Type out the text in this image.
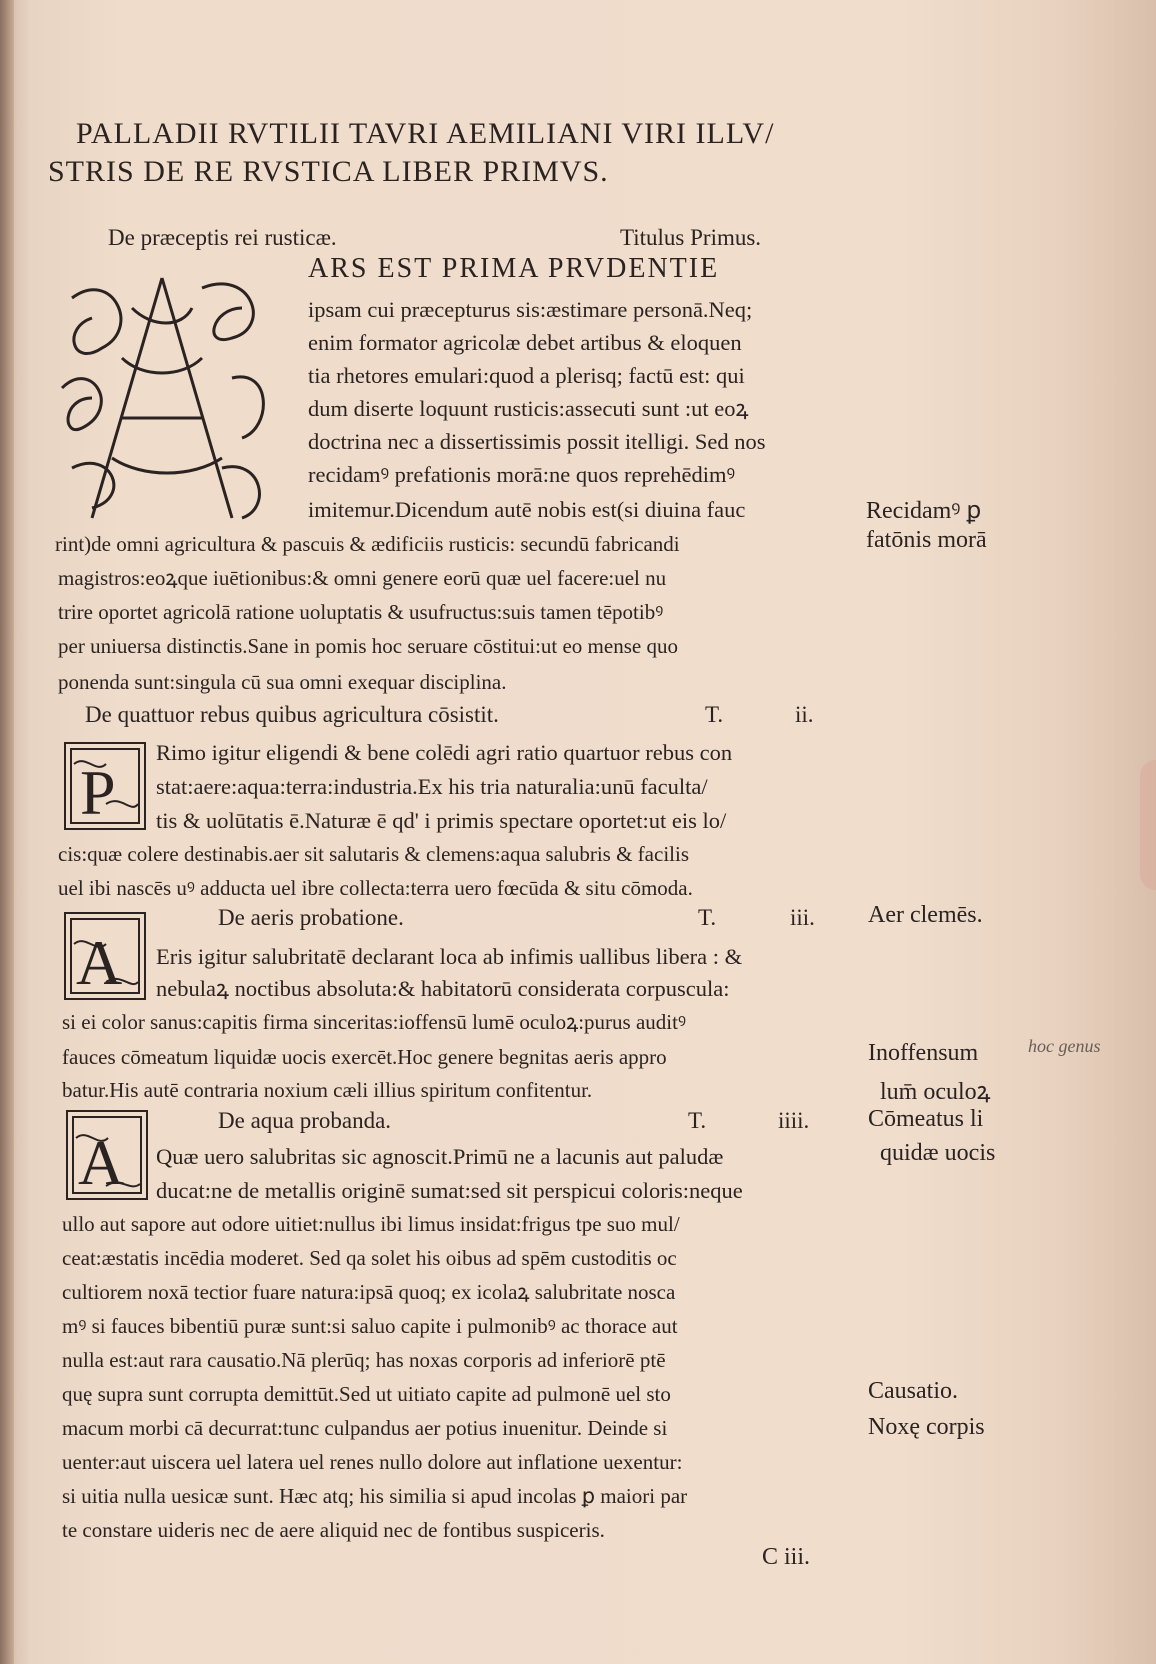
PALLADII RVTILII TAVRI AEMILIANI VIRI ILLV/
STRIS DE RE RVSTICA LIBER PRIMVS.
De præceptis rei rusticæ.	Titulus Primus.
ARS EST PRIMA PRVDENTIE
ipsam cui præcepturus sis:æstimare personā.Neq;
enim formator agricolæ debet artibus & eloquen
tia rhetores emulari:quod a plerisq; factū est: qui
dum diserte loquunt rusticis:assecuti sunt :ut eoꝝ
doctrina nec a dissertissimis possit itelligi. Sed nos
recidamꝰ prefationis morā:ne quos reprehēdimꝰ
imitemur.Dicendum autē nobis est(si diuina fauc
rint)de omni agricultura & pascuis & ædificiis rusticis: secundū fabricandi
magistros:eoꝝque iuētionibus:& omni genere eorū quæ uel facere:uel nu
trire oportet agricolā ratione uoluptatis & usufructus:suis tamen tēpotibꝰ
per uniuersa distinctis.Sane in pomis hoc seruare cōstitui:ut eo mense quo
ponenda sunt:singula cū sua omni exequar disciplina.
De quattuor rebus quibus agricultura cōsistit.	T.	ii.
P
Rimo igitur eligendi & bene colēdi agri ratio quartuor rebus con
stat:aere:aqua:terra:industria.Ex his tria naturalia:unū faculta/
tis & uolūtatis ē.Naturæ ē qd' i primis spectare oportet:ut eis lo/
cis:quæ colere destinabis.aer sit salutaris & clemens:aqua salubris & facilis
uel ibi nascēs uꝰ adducta uel ibre collecta:terra uero fœcūda & situ cōmoda.
A
De aeris probatione.	T.	iii.
Eris igitur salubritatē declarant loca ab infimis uallibus libera : &
nebulaꝝ noctibus absoluta:& habitatorū considerata corpuscula:
si ei color sanus:capitis firma sinceritas:ioffensū lumē oculoꝝ:purus auditꝰ
fauces cōmeatum liquidæ uocis exercēt.Hoc genere begnitas aeris appro
batur.His autē contraria noxium cæli illius spiritum confitentur.
A
De aqua probanda.	T.	iiii.
Quæ uero salubritas sic agnoscit.Primū ne a lacunis aut paludæ
ducat:ne de metallis originē sumat:sed sit perspicui coloris:neque
ullo aut sapore aut odore uitiet:nullus ibi limus insidat:frigus tpe suo mul/
ceat:æstatis incēdia moderet. Sed qa solet his oibus ad spēm custoditis oc
cultiorem noxā tectior fuare natura:ipsā quoq; ex icolaꝝ salubritate nosca
mꝰ si fauces bibentiū puræ sunt:si saluo capite i pulmonibꝰ ac thorace aut
nulla est:aut rara causatio.Nā plerūq; has noxas corporis ad inferiorē ptē
quę supra sunt corrupta demittūt.Sed ut uitiato capite ad pulmonē uel sto
macum morbi cā decurrat:tunc culpandus aer potius inuenitur. Deinde si
uenter:aut uiscera uel latera uel renes nullo dolore aut inflatione uexentur:
si uitia nulla uesicæ sunt. Hæc atq; his similia si apud incolas ꝑ maiori par
te constare uideris nec de aere aliquid nec de fontibus suspiceris.
Recidamꝰ ꝑ
fatōnis morā
Aer clemēs.
Inoffensum
lum̄ oculoꝝ
Cōmeatus li
quidæ uocis
Causatio.
Noxę corpis
hoc genus
C iii.
